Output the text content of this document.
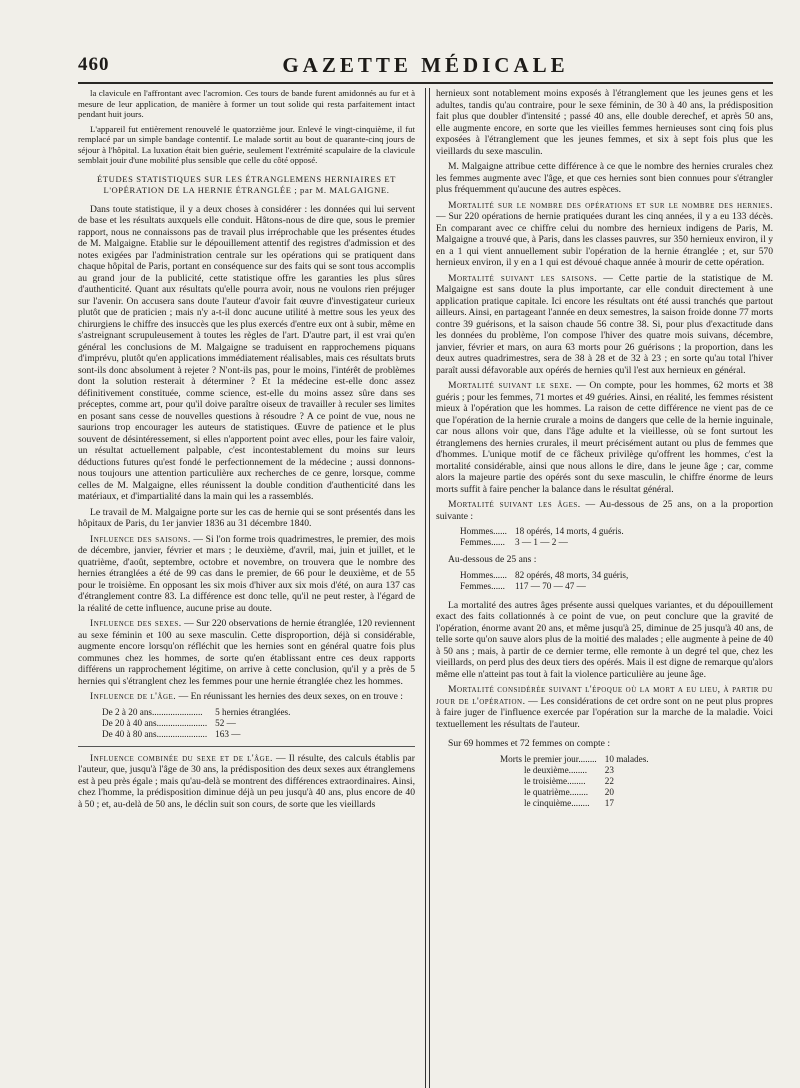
460	GAZETTE MÉDICALE

la clavicule en l'affrontant avec l'acromion. Ces tours de bande furent amidonnés au fur et à mesure de leur application, de manière à former un tout solide qui resta parfaitement intact pendant huit jours.

L'appareil fut entièrement renouvelé le quatorzième jour. Enlevé le vingt-cinquième, il fut remplacé par un simple bandage contentif. Le malade sortit au bout de quarante-cinq jours de séjour à l'hôpital. La luxation était bien guérie, seulement l'extrémité scapulaire de la clavicule semblait jouir d'une mobilité plus sensible que celle du côté opposé.

ÉTUDES STATISTIQUES SUR LES ÉTRANGLEMENS HERNIAIRES ET L'OPÉRATION DE LA HERNIE ÉTRANGLÉE ; par M. MALGAIGNE.

Dans toute statistique, il y a deux choses à considérer : les données qui lui servent de base et les résultats auxquels elle conduit. Hâtons-nous de dire que, sous le premier rapport, nous ne connaissons pas de travail plus irréprochable que les présentes études de M. Malgaigne. Etablie sur le dépouillement attentif des registres d'admission et des notes exigées par l'administration centrale sur les opérations qui se pratiquent dans chaque hôpital de Paris, portant en conséquence sur des faits qui se sont tous accomplis au grand jour de la publicité, cette statistique offre les garanties les plus sûres d'authenticité. Quant aux résultats qu'elle pourra avoir, nous ne voulons rien préjuger sur l'avenir. On accusera sans doute l'auteur d'avoir fait œuvre d'investigateur curieux plutôt que de praticien ; mais n'y a-t-il donc aucune utilité à mettre sous les yeux des chirurgiens le chiffre des insuccès que les plus exercés d'entre eux ont à subir, même en s'astreignant scrupuleusement à toutes les règles de l'art. D'autre part, il est vrai qu'en général les conclusions de M. Malgaigne se traduisent en rapprochemens piquans d'imprévu, plutôt qu'en applications immédiatement réalisables, mais ces résultats bruts sont-ils donc absolument à rejeter ? N'ont-ils pas, pour le moins, l'intérêt de problèmes dont la solution resterait à déterminer ? Et la médecine est-elle donc assez définitivement constituée, comme science, est-elle du moins assez sûre dans ses préceptes, comme art, pour qu'il doive paraître oiseux de travailler à reculer ses limites en posant sans cesse de nouvelles questions à résoudre ? A ce point de vue, nous ne saurions trop encourager les auteurs de statistiques. Œuvre de patience et le plus souvent de désintéressement, si elles n'apportent point avec elles, pour les faire valoir, un résultat actuellement palpable, c'est incontestablement du moins sur leurs déductions futures qu'est fondé le perfectionnement de la médecine ; aussi donnons-nous toujours une attention particulière aux recherches de ce genre, lorsque, comme celles de M. Malgaigne, elles réunissent la double condition d'authenticité dans les matériaux, et d'impartialité dans la main qui les a rassemblés.

Le travail de M. Malgaigne porte sur les cas de hernie qui se sont présentés dans les hôpitaux de Paris, du 1er janvier 1836 au 31 décembre 1840.

Influence des saisons. — Si l'on forme trois quadrimestres, le premier, des mois de décembre, janvier, février et mars ; le deuxième, d'avril, mai, juin et juillet, et le quatrième, d'août, septembre, octobre et novembre, on trouvera que le nombre des hernies étranglées a été de 99 cas dans le premier, de 66 pour le deuxième, et de 55 pour le troisième. En opposant les six mois d'hiver aux six mois d'été, on aura 137 cas d'étranglement contre 83. La différence est donc telle, qu'il ne peut rester, à l'égard de la réalité de cette influence, aucune prise au doute.

Influence des sexes. — Sur 220 observations de hernie étranglée, 120 reviennent au sexe féminin et 100 au sexe masculin. Cette disproportion, déjà si considérable, augmente encore lorsqu'on réfléchit que les hernies sont en général quatre fois plus communes chez les hommes, de sorte qu'en établissant entre ces deux rapports différens un rapprochement légitime, on arrive à cette conclusion, qu'il y a près de 5 hernies qui s'étranglent chez les femmes pour une hernie étranglée chez les hommes.

Influence de l'âge. — En réunissant les hernies des deux sexes, on en trouve :

De 2 à 20 ans......................	5 hernies étranglées.
De 20 à 40 ans......................	52 —
De 40 à 80 ans......................	163 —

Influence combinée du sexe et de l'âge. — Il résulte, des calculs établis par l'auteur, que, jusqu'à l'âge de 30 ans, la prédisposition des deux sexes aux étranglemens est à peu près égale ; mais qu'au-delà se montrent des différences extraordinaires. Ainsi, chez l'homme, la prédisposition diminue déjà un peu jusqu'à 40 ans, plus encore de 40 à 50 ; et, au-delà de 50 ans, le déclin suit son cours, de sorte que les vieillards

hernieux sont notablement moins exposés à l'étranglement que les jeunes gens et les adultes, tandis qu'au contraire, pour le sexe féminin, de 30 à 40 ans, la prédisposition fait plus que doubler d'intensité ; passé 40 ans, elle double derechef, et après 50 ans, elle augmente encore, en sorte que les vieilles femmes hernieuses sont cinq fois plus exposées à l'étranglement que les jeunes femmes, et six à sept fois plus que les vieillards du sexe masculin.

M. Malgaigne attribue cette différence à ce que le nombre des hernies crurales chez les femmes augmente avec l'âge, et que ces hernies sont bien connues pour s'étrangler plus fréquemment qu'aucune des autres espèces.

Mortalité sur le nombre des opérations et sur le nombre des hernies. — Sur 220 opérations de hernie pratiquées durant les cinq années, il y a eu 133 décès. En comparant avec ce chiffre celui du nombre des hernieux indigens de Paris, M. Malgaigne a trouvé que, à Paris, dans les classes pauvres, sur 350 hernieux environ, il y en a 1 qui vient annuellement subir l'opération de la hernie étranglée ; et, sur 570 hernieux environ, il y en a 1 qui est dévoué chaque année à mourir de cette opération.

Mortalité suivant les saisons. — Cette partie de la statistique de M. Malgaigne est sans doute la plus importante, car elle conduit directement à une application pratique capitale. Ici encore les résultats ont été aussi tranchés que partout ailleurs. Ainsi, en partageant l'année en deux semestres, la saison froide donne 77 morts contre 39 guérisons, et la saison chaude 56 contre 38. Si, pour plus d'exactitude dans les données du problème, l'on compose l'hiver des quatre mois suivans, décembre, janvier, février et mars, on aura 63 morts pour 26 guérisons ; la proportion, dans les deux autres quadrimestres, sera de 38 à 28 et de 32 à 23 ; en sorte qu'au total l'hiver paraît aussi défavorable aux opérés de hernies qu'il l'est aux hernieux en général.

Mortalité suivant le sexe. — On compte, pour les hommes, 62 morts et 38 guéris ; pour les femmes, 71 mortes et 49 guéries. Ainsi, en réalité, les femmes résistent mieux à l'opération que les hommes. La raison de cette différence ne vient pas de ce que l'opération de la hernie crurale a moins de dangers que celle de la hernie inguinale, car nous allons voir que, dans l'âge adulte et la vieillesse, où se font surtout les étranglemens des hernies crurales, il meurt précisément autant ou plus de femmes que d'hommes. L'unique motif de ce fâcheux privilège qu'offrent les hommes, c'est la mortalité considérable, ainsi que nous allons le dire, dans le jeune âge ; car, comme alors la majeure partie des opérés sont du sexe masculin, le chiffre énorme de leurs morts suffit à faire pencher la balance dans le résultat général.

Mortalité suivant les âges. — Au-dessous de 25 ans, on a la proportion suivante :

Hommes......	18 opérés, 14 morts, 4 guéris.
Femmes......	3 — 1 — 2 —

Au-dessous de 25 ans :

Hommes......	82 opérés, 48 morts, 34 guéris,
Femmes......	117 — 70 — 47 —

La mortalité des autres âges présente aussi quelques variantes, et du dépouillement exact des faits collationnés à ce point de vue, on peut conclure que la gravité de l'opération, énorme avant 20 ans, et même jusqu'à 25, diminue de 25 jusqu'à 40 ans, de telle sorte qu'on sauve alors plus de la moitié des malades ; elle augmente à peine de 40 à 50 ans ; mais, à partir de ce dernier terme, elle remonte à un degré tel que, chez les vieillards, on perd plus des deux tiers des opérés. Mais il est digne de remarque qu'alors même elle n'atteint pas tout à fait la violence particulière au jeune âge.

Mortalité considérée suivant l'époque où la mort a eu lieu, à partir du jour de l'opération. — Les considérations de cet ordre sont on ne peut plus propres à faire juger de l'influence exercée par l'opération sur la marche de la maladie. Voici textuellement les résultats de l'auteur.

Sur 69 hommes et 72 femmes on compte :

Morts le premier jour........	10 malades.
le deuxième........	23
le troisième........	22
le quatrième........	20
le cinquième........	17
